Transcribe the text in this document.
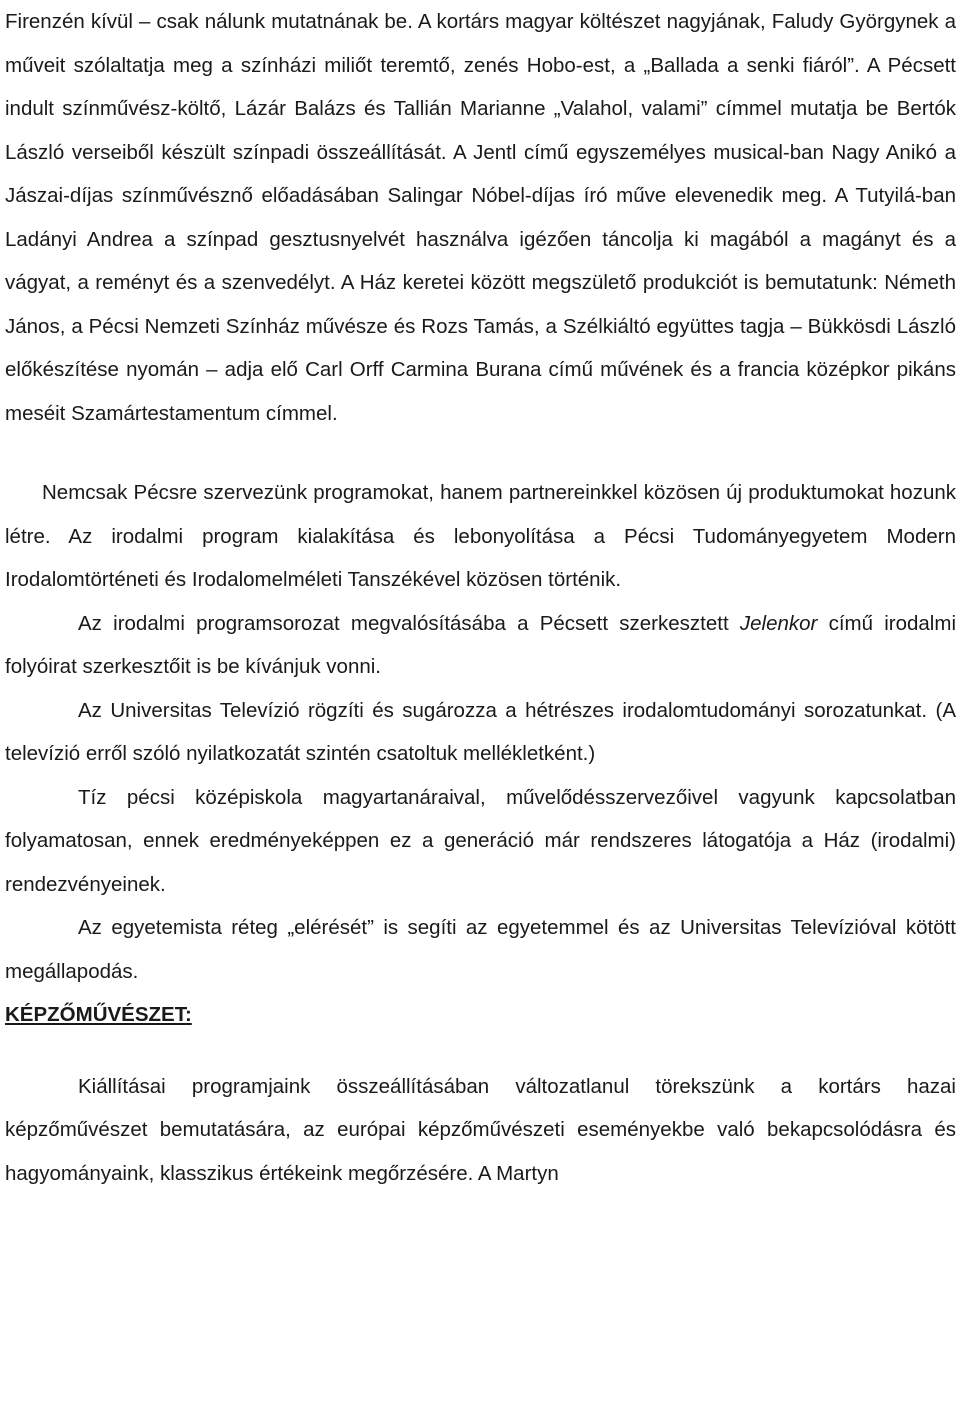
Firenzén kívül – csak nálunk mutatnának be. A kortárs magyar költészet nagyjának, Faludy Györgynek a műveit szólaltatja meg a színházi miliőt teremtő, zenés Hobo-est, a „Ballada a senki fiáról”. A Pécsett indult színművész-költő, Lázár Balázs és Tallián Marianne „Valahol, valami” címmel mutatja be Bertók László verseiből készült színpadi összeállítását. A Jentl című egyszemélyes musical-ban Nagy Anikó a Jászai-díjas színművésznő előadásában Salingar Nóbel-díjas író műve elevenedik meg. A Tutyilá-ban Ladányi Andrea a színpad gesztusnyelvét használva igézően táncolja ki magából a magányt és a vágyat, a reményt és a szenvedélyt. A Ház keretei között megszülető produkciót is bemutatunk: Németh János, a Pécsi Nemzeti Színház művésze és Rozs Tamás, a Szélkiáltó együttes tagja – Bükkösdi László előkészítése nyomán – adja elő Carl Orff Carmina Burana című művének és a francia középkor pikáns meséit Szamártestamentum címmel.

Nemcsak Pécsre szervezünk programokat, hanem partnereinkkel közösen új produktumokat hozunk létre. Az irodalmi program kialakítása és lebonyolítása a Pécsi Tudományegyetem Modern Irodalomtörténeti és Irodalomelméleti Tanszékével közösen történik.

Az irodalmi programsorozat megvalósításába a Pécsett szerkesztett Jelenkor című irodalmi folyóirat szerkesztőit is be kívánjuk vonni.

Az Universitas Televízió rögzíti és sugározza a hétrészes irodalomtudományi sorozatunkat. (A televízió erről szóló nyilatkozatát szintén csatoltuk mellékletként.)

Tíz pécsi középiskola magyartanáraival, művelődésszervezőivel vagyunk kapcsolatban folyamatosan, ennek eredményeképpen ez a generáció már rendszeres látogatója a Ház (irodalmi) rendezvényeinek.

Az egyetemista réteg „elérését” is segíti az egyetemmel és az Universitas Televízióval kötött megállapodás.

KÉPZŐMŰVÉSZET:

Kiállításai programjaink összeállításában változatlanul törekszünk a kortárs hazai képzőművészet bemutatására, az európai képzőművészeti eseményekbe való bekapcsolódásra és hagyományaink, klasszikus értékeink megőrzésére. A Martyn
